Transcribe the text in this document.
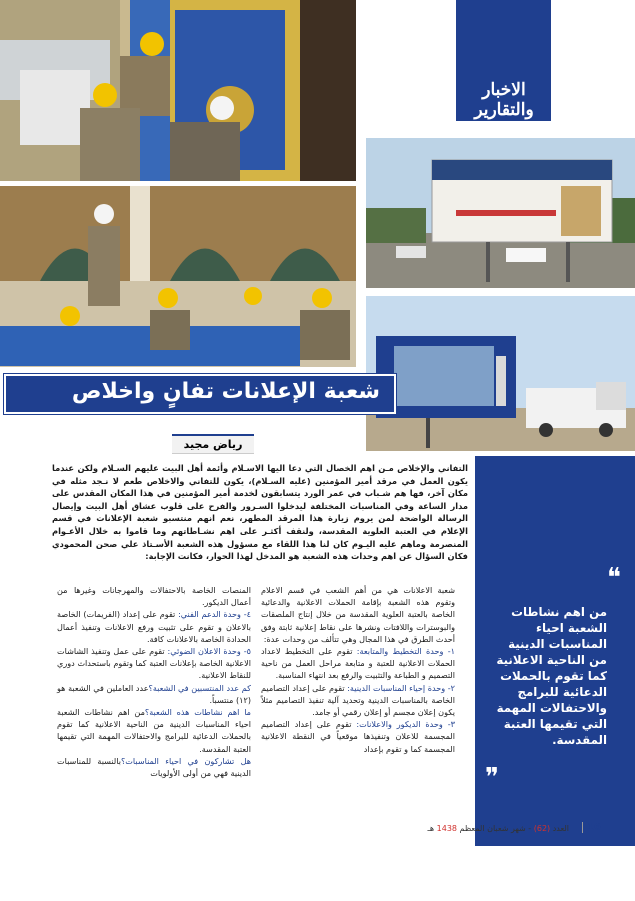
الاخبار والتقارير
شعبة الإعلانات تفانٍ واخلاص
رياض مجيد
التفاني والإخلاص مـن اهم الخصال التي دعا اليها الاسـلام وأئمة أهل البيت عليهم السـلام ولكن عندما يكون العمل في مرقد أمير المؤمنين (عليه السـلام)، يكون للتفاني والاخلاص طعم لا نـجد مثله في مكان آخر، فها هم شـباب في عمر الورد يتسابقون لخدمة أمير المؤمنين في هذا المكان المقدس على مدار الساعة وفي المناسبات المختلفة ليدخلوا السـرور والفرح على قلوب عشاق أهل البيت وإيصال الرسالة الواضحة لمن يروم زيارة هذا المرقد المطهر، نعم انهم منتسبو شعبة الإعلانات في قسم الإعلام في العتبة العلوية المقدسة، ولنقف أكثـر على اهم نشـاطاتهم وما قاموا به خلال الأعـوام المنصرمة وماهم عليه اليـوم كان لنا هذا اللقاء مع مسؤول هذه الشعبة الأسـتاذ علي صحن المحمودي فكان السؤال عن اهم وحدات هذه الشعبة هو المدخل لهذا الحوار، فكانت الإجابة:
❝
من اهم نشاطات الشعبة احياء المناسبات الدينية من الناحية الاعلانية كما تقوم بالحملات الدعائية للبرامج والاحتفالات المهمة التي تقيمها العتبة المقدسة.
❞
شعبة الاعلانات هي من أهم الشعب في قسم الاعلام وتقوم هذه الشعبة بإقامة الحملات الاعلانية والدعائية الخاصة بالعتبة العلوية المقدسة من خلال إنتاج الملصقات والبوسترات واللافتات ونشرها على نقاط إعلانية ثابتة وفق أحدث الطرق في هذا المجال وهي تتألف من وحدات عدة:
١- وحدة التخطيط والمتابعة: تقوم على التخطيط لاعداد الحملات الاعلانية للعتبة و متابعة مراحل العمل من ناحية التصميم و الطباعة والتثبيت والرفع بعد انتهاء المناسبة.
٢- وحدة إحياء المناسبات الدينية: تقوم على إعداد التصاميم الخاصة بالمناسبات الدينية وتحديد آلية تنفيذ التصاميم مثلاً يكون إعلان مجسم أو إعلان رقمي أو جامد.
٣- وحدة الديكور والاعلانات: تقوم على إعداد التصاميم المجسمة للاعلان وتنفيذها موقعياً في النقطة الاعلانية المجسمة كما و تقوم بإعداد
المنصات الخاصة بالاحتفالات والمهرجانات وغيرها من أعمال الديكور.
٤- وحدة الدعم الفني: تقوم على إعداد (الفريمات) الخاصة بالاعلان و تقوم على تثبيت ورفع الاعلانات وتنفيذ أعمال الحدادة الخاصة بالاعلانات كافة.
٥- وحدة الاعلان الضوئي: تقوم على عمل وتنفيذ الشاشات الاعلانية الخاصة بإعلانات العتبة كما وتقوم باستحداث دوري للنقاط الاعلانية.
كم عدد المنتسبين في الشعبة؟عدد العاملين في الشعبة هو (١٢) منتسباً.
ما اهم نشاطات هذه الشعبة؟من اهم نشاطات الشعبة احياء المناسبات الدينية من الناحية الاعلانية كما تقوم بالحملات الدعائية للبرامج والاحتفالات المهمة التي تقيمها العتبة المقدسة.
هل تشاركون في احياء المناسبات؟بالنسبة للمناسبات الدينية فهي من أولى الأولويات
16
العدد (62) - شهر شعبان المعظم 1438 هـ
